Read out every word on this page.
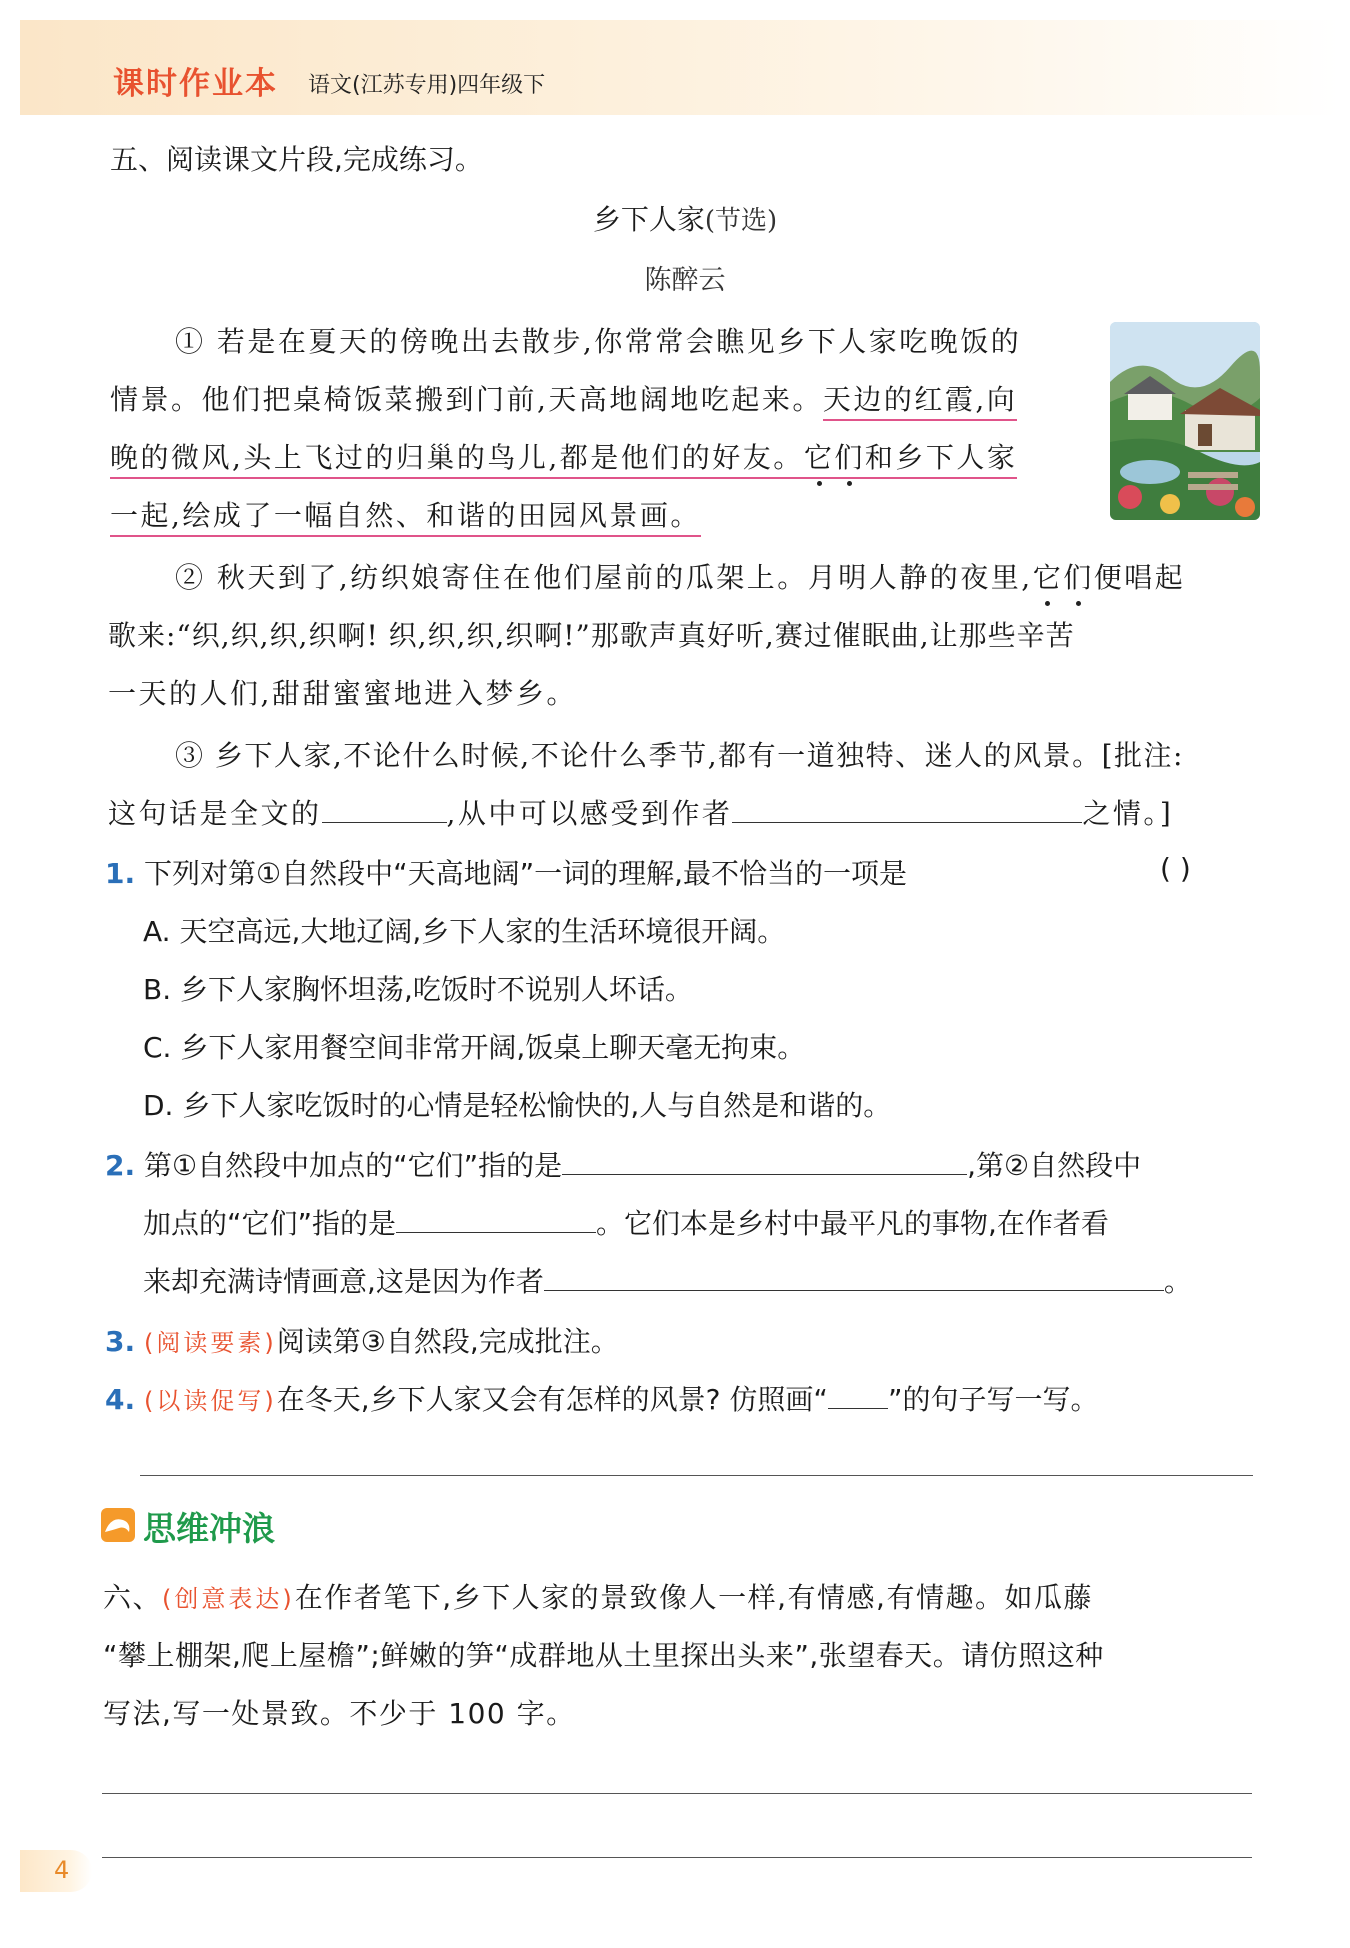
课时作业本 语文(江苏专用)四年级下
五、阅读课文片段,完成练习。
乡下人家(节选)
陈醉云
① 若是在夏天的傍晚出去散步,你常常会瞧见乡下人家吃晚饭的
情景。他们把桌椅饭菜搬到门前,天高地阔地吃起来。天边的红霞,向
晚的微风,头上飞过的归巢的鸟儿,都是他们的好友。它们和乡下人家
一起,绘成了一幅自然、和谐的田园风景画。
② 秋天到了,纺织娘寄住在他们屋前的瓜架上。月明人静的夜里,它们便唱起
歌来:“织,织,织,织啊! 织,织,织,织啊!”那歌声真好听,赛过催眠曲,让那些辛苦
一天的人们,甜甜蜜蜜地进入梦乡。
③ 乡下人家,不论什么时候,不论什么季节,都有一道独特、迷人的风景。[批注:
这句话是全文的	,从中可以感受到作者	之情。]
1. 下列对第①自然段中“天高地阔”一词的理解,最不恰当的一项是	( )
A. 天空高远,大地辽阔,乡下人家的生活环境很开阔。
B. 乡下人家胸怀坦荡,吃饭时不说别人坏话。
C. 乡下人家用餐空间非常开阔,饭桌上聊天毫无拘束。
D. 乡下人家吃饭时的心情是轻松愉快的,人与自然是和谐的。
2. 第①自然段中加点的“它们”指的是	,第②自然段中
加点的“它们”指的是	。它们本是乡村中最平凡的事物,在作者看
来却充满诗情画意,这是因为作者	。
3. (阅读要素)阅读第③自然段,完成批注。
4. (以读促写)在冬天,乡下人家又会有怎样的风景? 仿照画“ ”的句子写一写。
思维冲浪
六、(创意表达)在作者笔下,乡下人家的景致像人一样,有情感,有情趣。如瓜藤
“攀上棚架,爬上屋檐”;鲜嫩的笋“成群地从土里探出头来”,张望春天。请仿照这种
写法,写一处景致。不少于 100 字。
4
